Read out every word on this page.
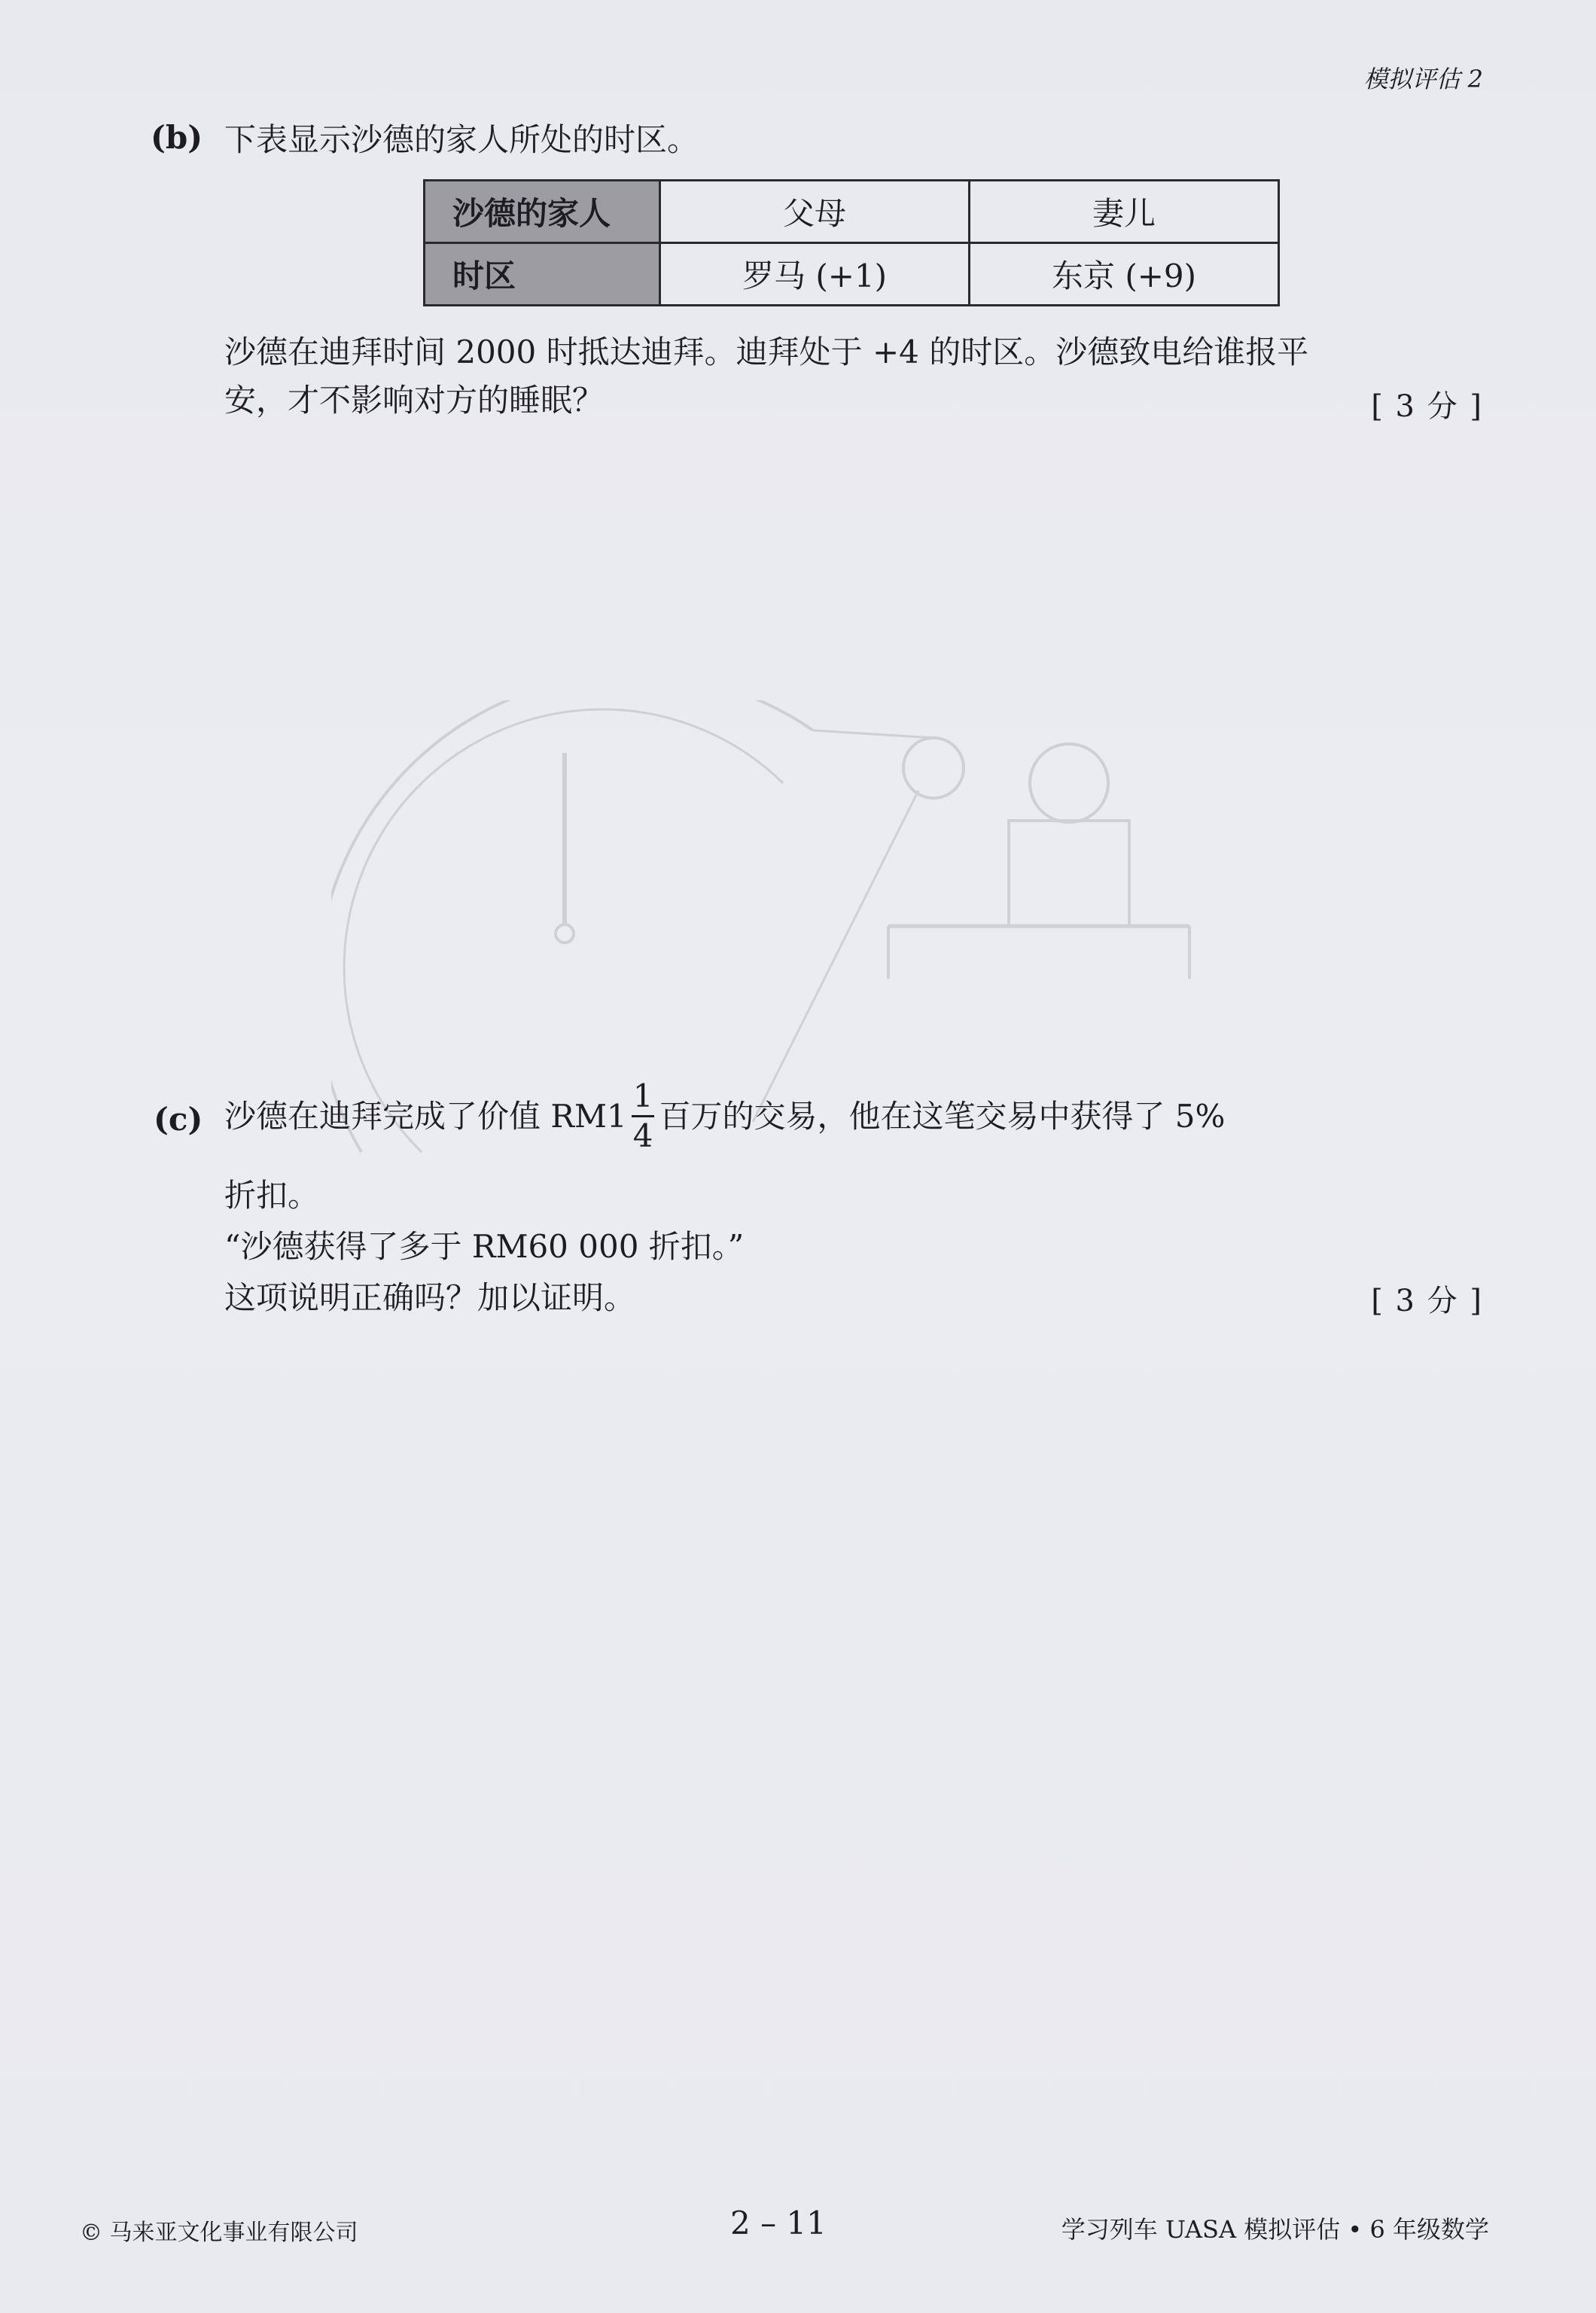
模拟评估 2
(b) 下表显示沙德的家人所处的时区。
沙德的家人	父母	妻儿
时区	罗马 (+1)	东京 (+9)
沙德在迪拜时间 2000 时抵达迪拜。迪拜处于 +4 的时区。沙德致电给谁报平
安，才不影响对方的睡眠？	[ 3 分 ]
(c) 沙德在迪拜完成了价值 $RM1 \frac{1}{4}$ 百万的交易，他在这笔交易中获得了 5%
折扣。
“沙德获得了多于 RM60 000 折扣。”
这项说明正确吗？加以证明。	[ 3 分 ]
© 马来亚文化事业有限公司	2 – 11	学习列车 UASA 模拟评估 • 6 年级数学
